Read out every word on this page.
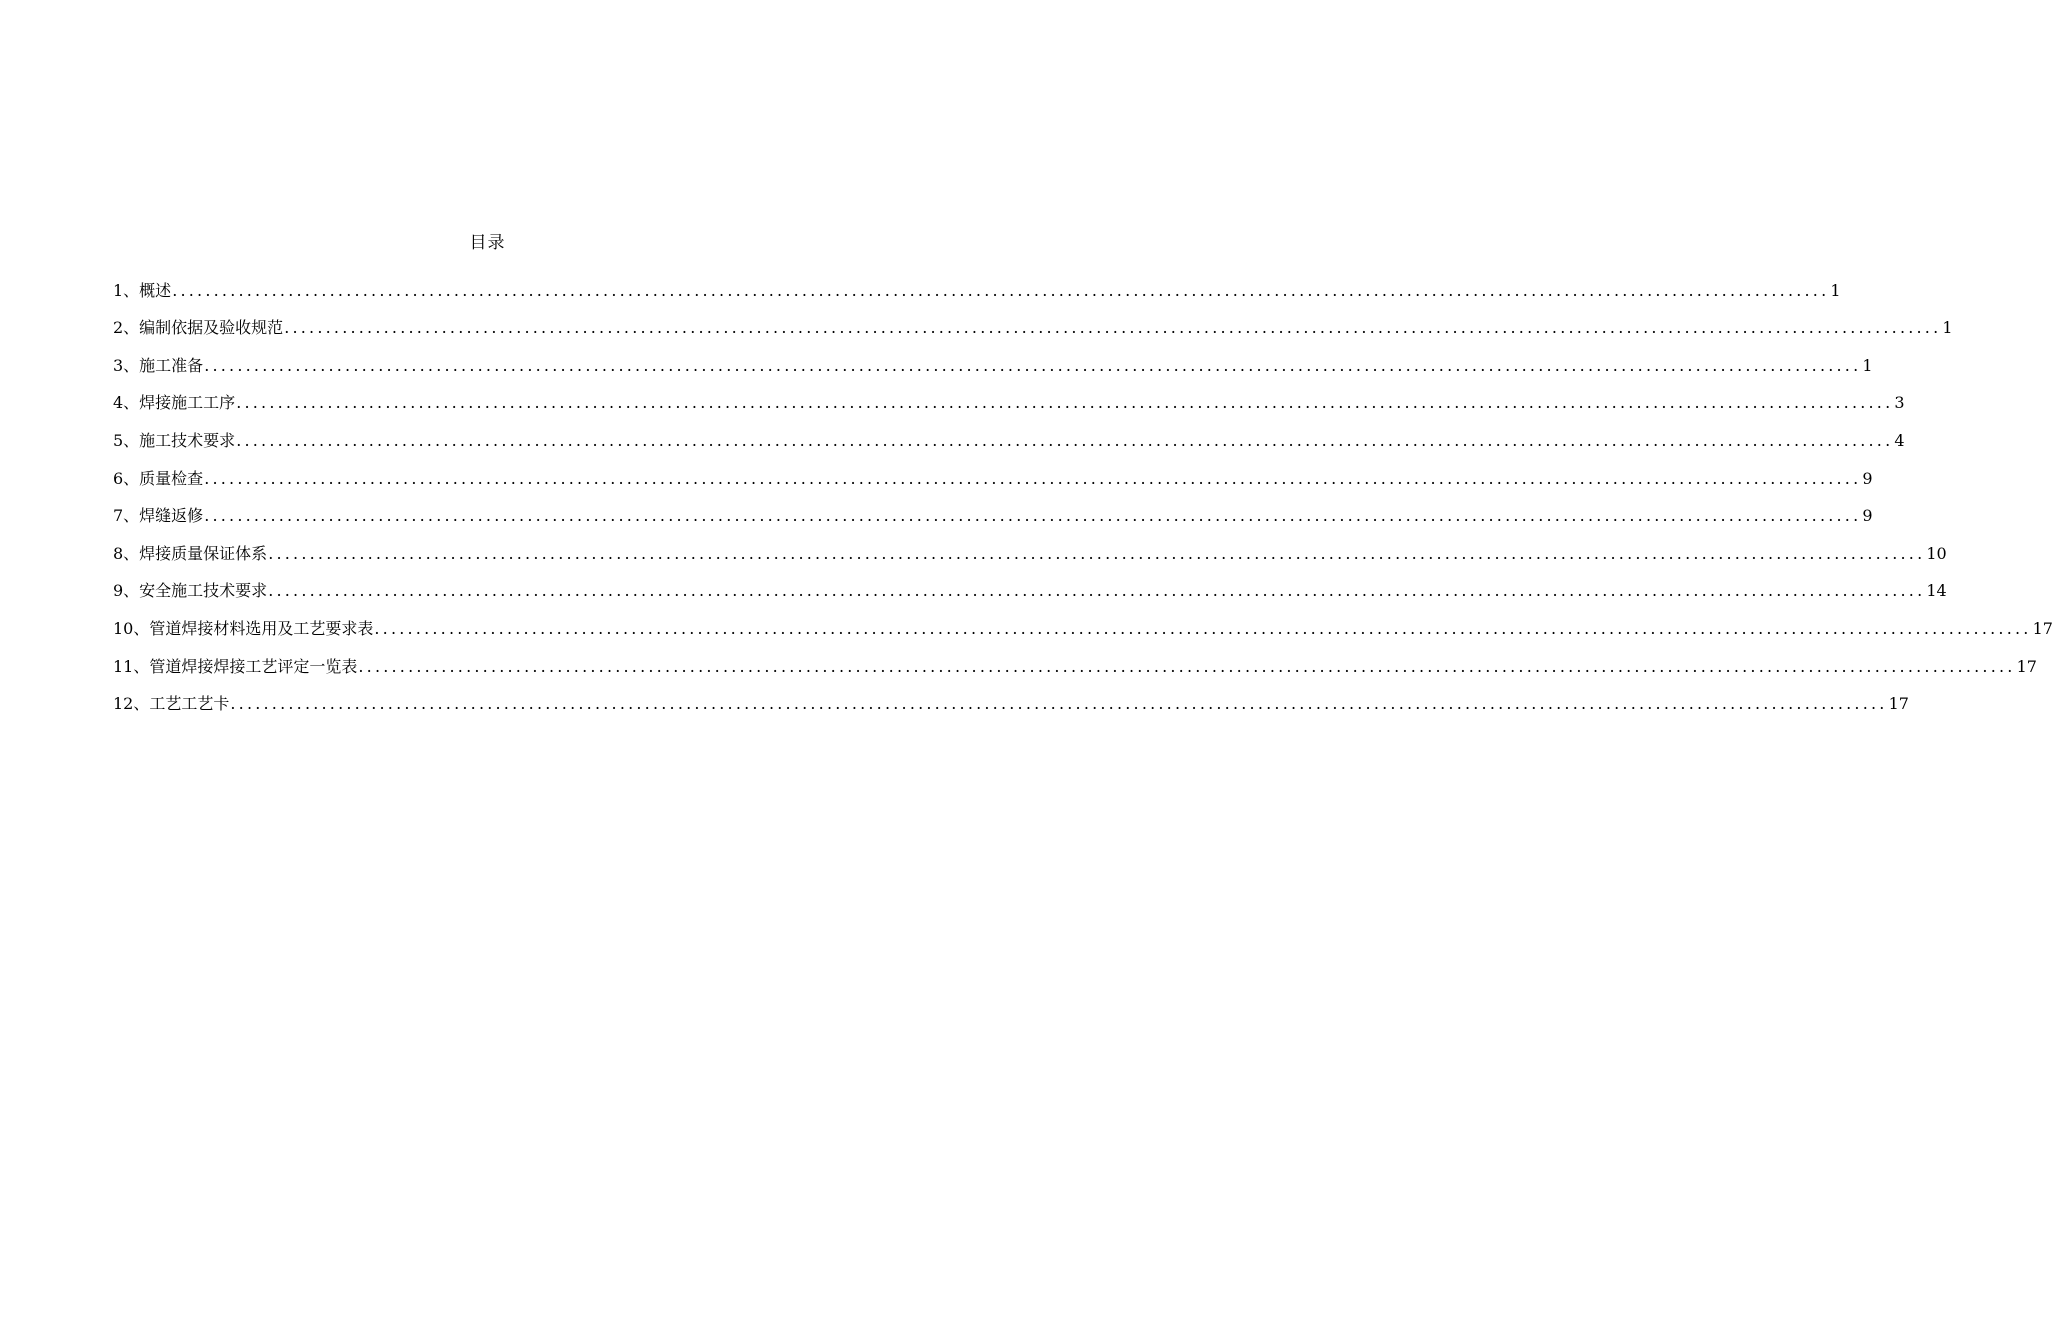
目录
1、概述 ........................................................................................................................................................................................................ 1
2、编制依据及验收规范 ........................................................................................................................................................................................................ 1
3、施工准备 ........................................................................................................................................................................................................ 1
4、焊接施工工序 ........................................................................................................................................................................................................ 3
5、施工技术要求 ........................................................................................................................................................................................................ 4
6、质量检查 ........................................................................................................................................................................................................ 9
7、焊缝返修 ........................................................................................................................................................................................................ 9
8、焊接质量保证体系 ........................................................................................................................................................................................................ 10
9、安全施工技术要求 ........................................................................................................................................................................................................ 14
10、管道焊接材料选用及工艺要求表 ........................................................................................................................................................................................................ 17
11、管道焊接焊接工艺评定一览表 ........................................................................................................................................................................................................ 17
12、工艺工艺卡 ........................................................................................................................................................................................................ 17
